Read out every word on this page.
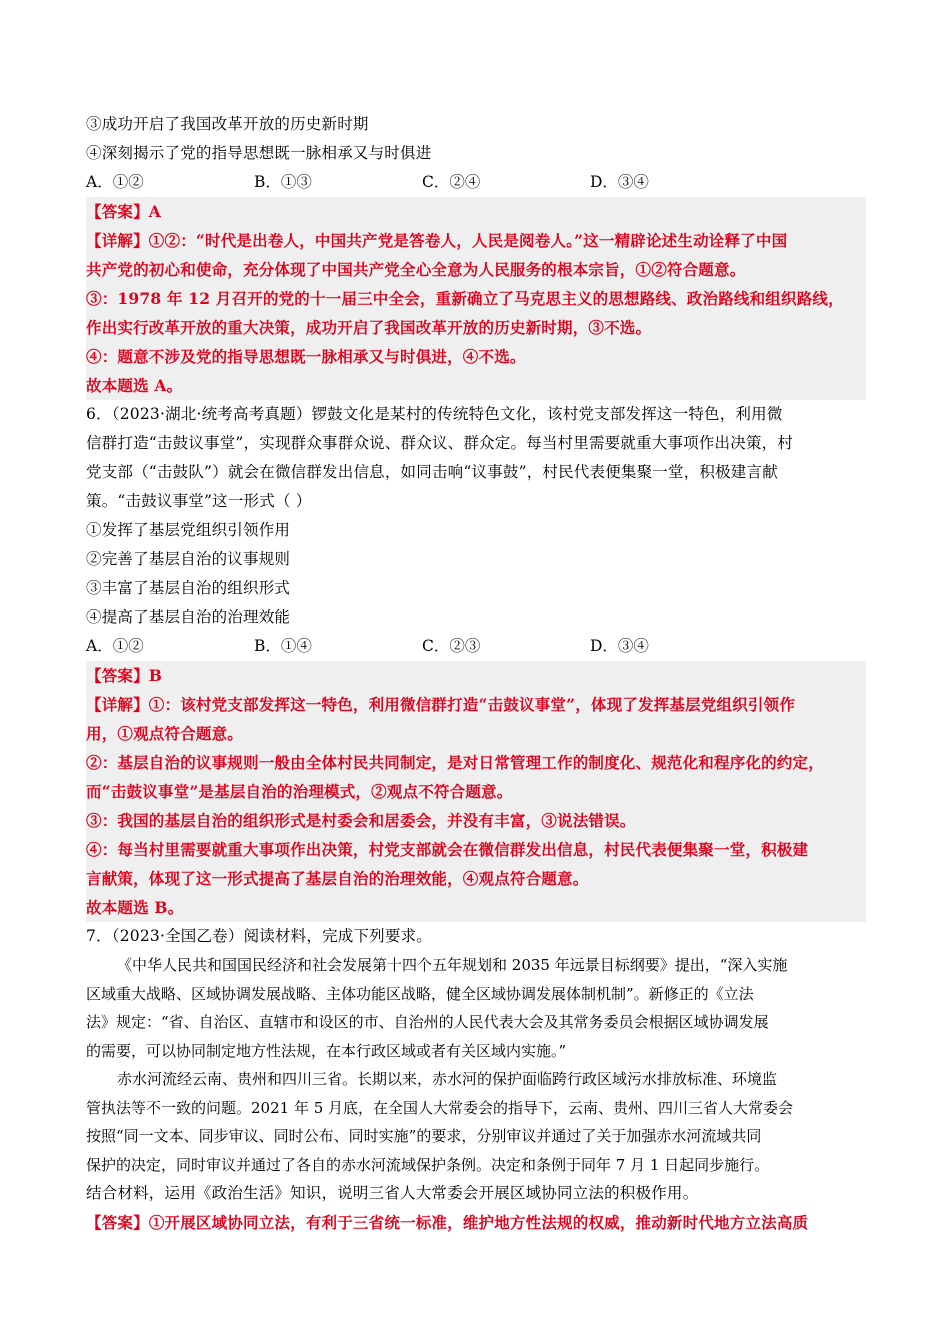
③成功开启了我国改革开放的历史新时期
④深刻揭示了党的指导思想既一脉相承又与时俱进
A．①②	B．①③	C．②④	D．③④
【答案】A
【详解】①②：“时代是出卷人，中国共产党是答卷人，人民是阅卷人。”这一精辟论述生动诠释了中国
共产党的初心和使命，充分体现了中国共产党全心全意为人民服务的根本宗旨，①②符合题意。
③：1978 年 12 月召开的党的十一届三中全会，重新确立了马克思主义的思想路线、政治路线和组织路线，
作出实行改革开放的重大决策，成功开启了我国改革开放的历史新时期，③不选。
④：题意不涉及党的指导思想既一脉相承又与时俱进，④不选。
故本题选 A。
6．（2023·湖北·统考高考真题）锣鼓文化是某村的传统特色文化，该村党支部发挥这一特色，利用微
信群打造“击鼓议事堂”，实现群众事群众说、群众议、群众定。每当村里需要就重大事项作出决策，村
党支部（“击鼓队”）就会在微信群发出信息，如同击响“议事鼓”，村民代表便集聚一堂，积极建言献
策。“击鼓议事堂”这一形式（ ）
①发挥了基层党组织引领作用
②完善了基层自治的议事规则
③丰富了基层自治的组织形式
④提高了基层自治的治理效能
A．①②	B．①④	C．②③	D．③④
【答案】B
【详解】①：该村党支部发挥这一特色，利用微信群打造“击鼓议事堂”，体现了发挥基层党组织引领作
用，①观点符合题意。
②：基层自治的议事规则一般由全体村民共同制定，是对日常管理工作的制度化、规范化和程序化的约定，
而“击鼓议事堂”是基层自治的治理模式，②观点不符合题意。
③：我国的基层自治的组织形式是村委会和居委会，并没有丰富，③说法错误。
④：每当村里需要就重大事项作出决策，村党支部就会在微信群发出信息，村民代表便集聚一堂，积极建
言献策，体现了这一形式提高了基层自治的治理效能，④观点符合题意。
故本题选 B。
7．（2023·全国乙卷）阅读材料，完成下列要求。
《中华人民共和国国民经济和社会发展第十四个五年规划和 2035 年远景目标纲要》提出，“深入实施
区域重大战略、区域协调发展战略、主体功能区战略，健全区域协调发展体制机制”。新修正的《立法
法》规定：“省、自治区、直辖市和设区的市、自治州的人民代表大会及其常务委员会根据区域协调发展
的需要，可以协同制定地方性法规，在本行政区域或者有关区域内实施。”
赤水河流经云南、贵州和四川三省。长期以来，赤水河的保护面临跨行政区域污水排放标准、环境监
管执法等不一致的问题。2021 年 5 月底，在全国人大常委会的指导下，云南、贵州、四川三省人大常委会
按照“同一文本、同步审议、同时公布、同时实施”的要求，分别审议并通过了关于加强赤水河流域共同
保护的决定，同时审议并通过了各自的赤水河流域保护条例。决定和条例于同年 7 月 1 日起同步施行。
结合材料，运用《政治生活》知识，说明三省人大常委会开展区域协同立法的积极作用。
【答案】①开展区域协同立法，有利于三省统一标准，维护地方性法规的权威，推动新时代地方立法高质
